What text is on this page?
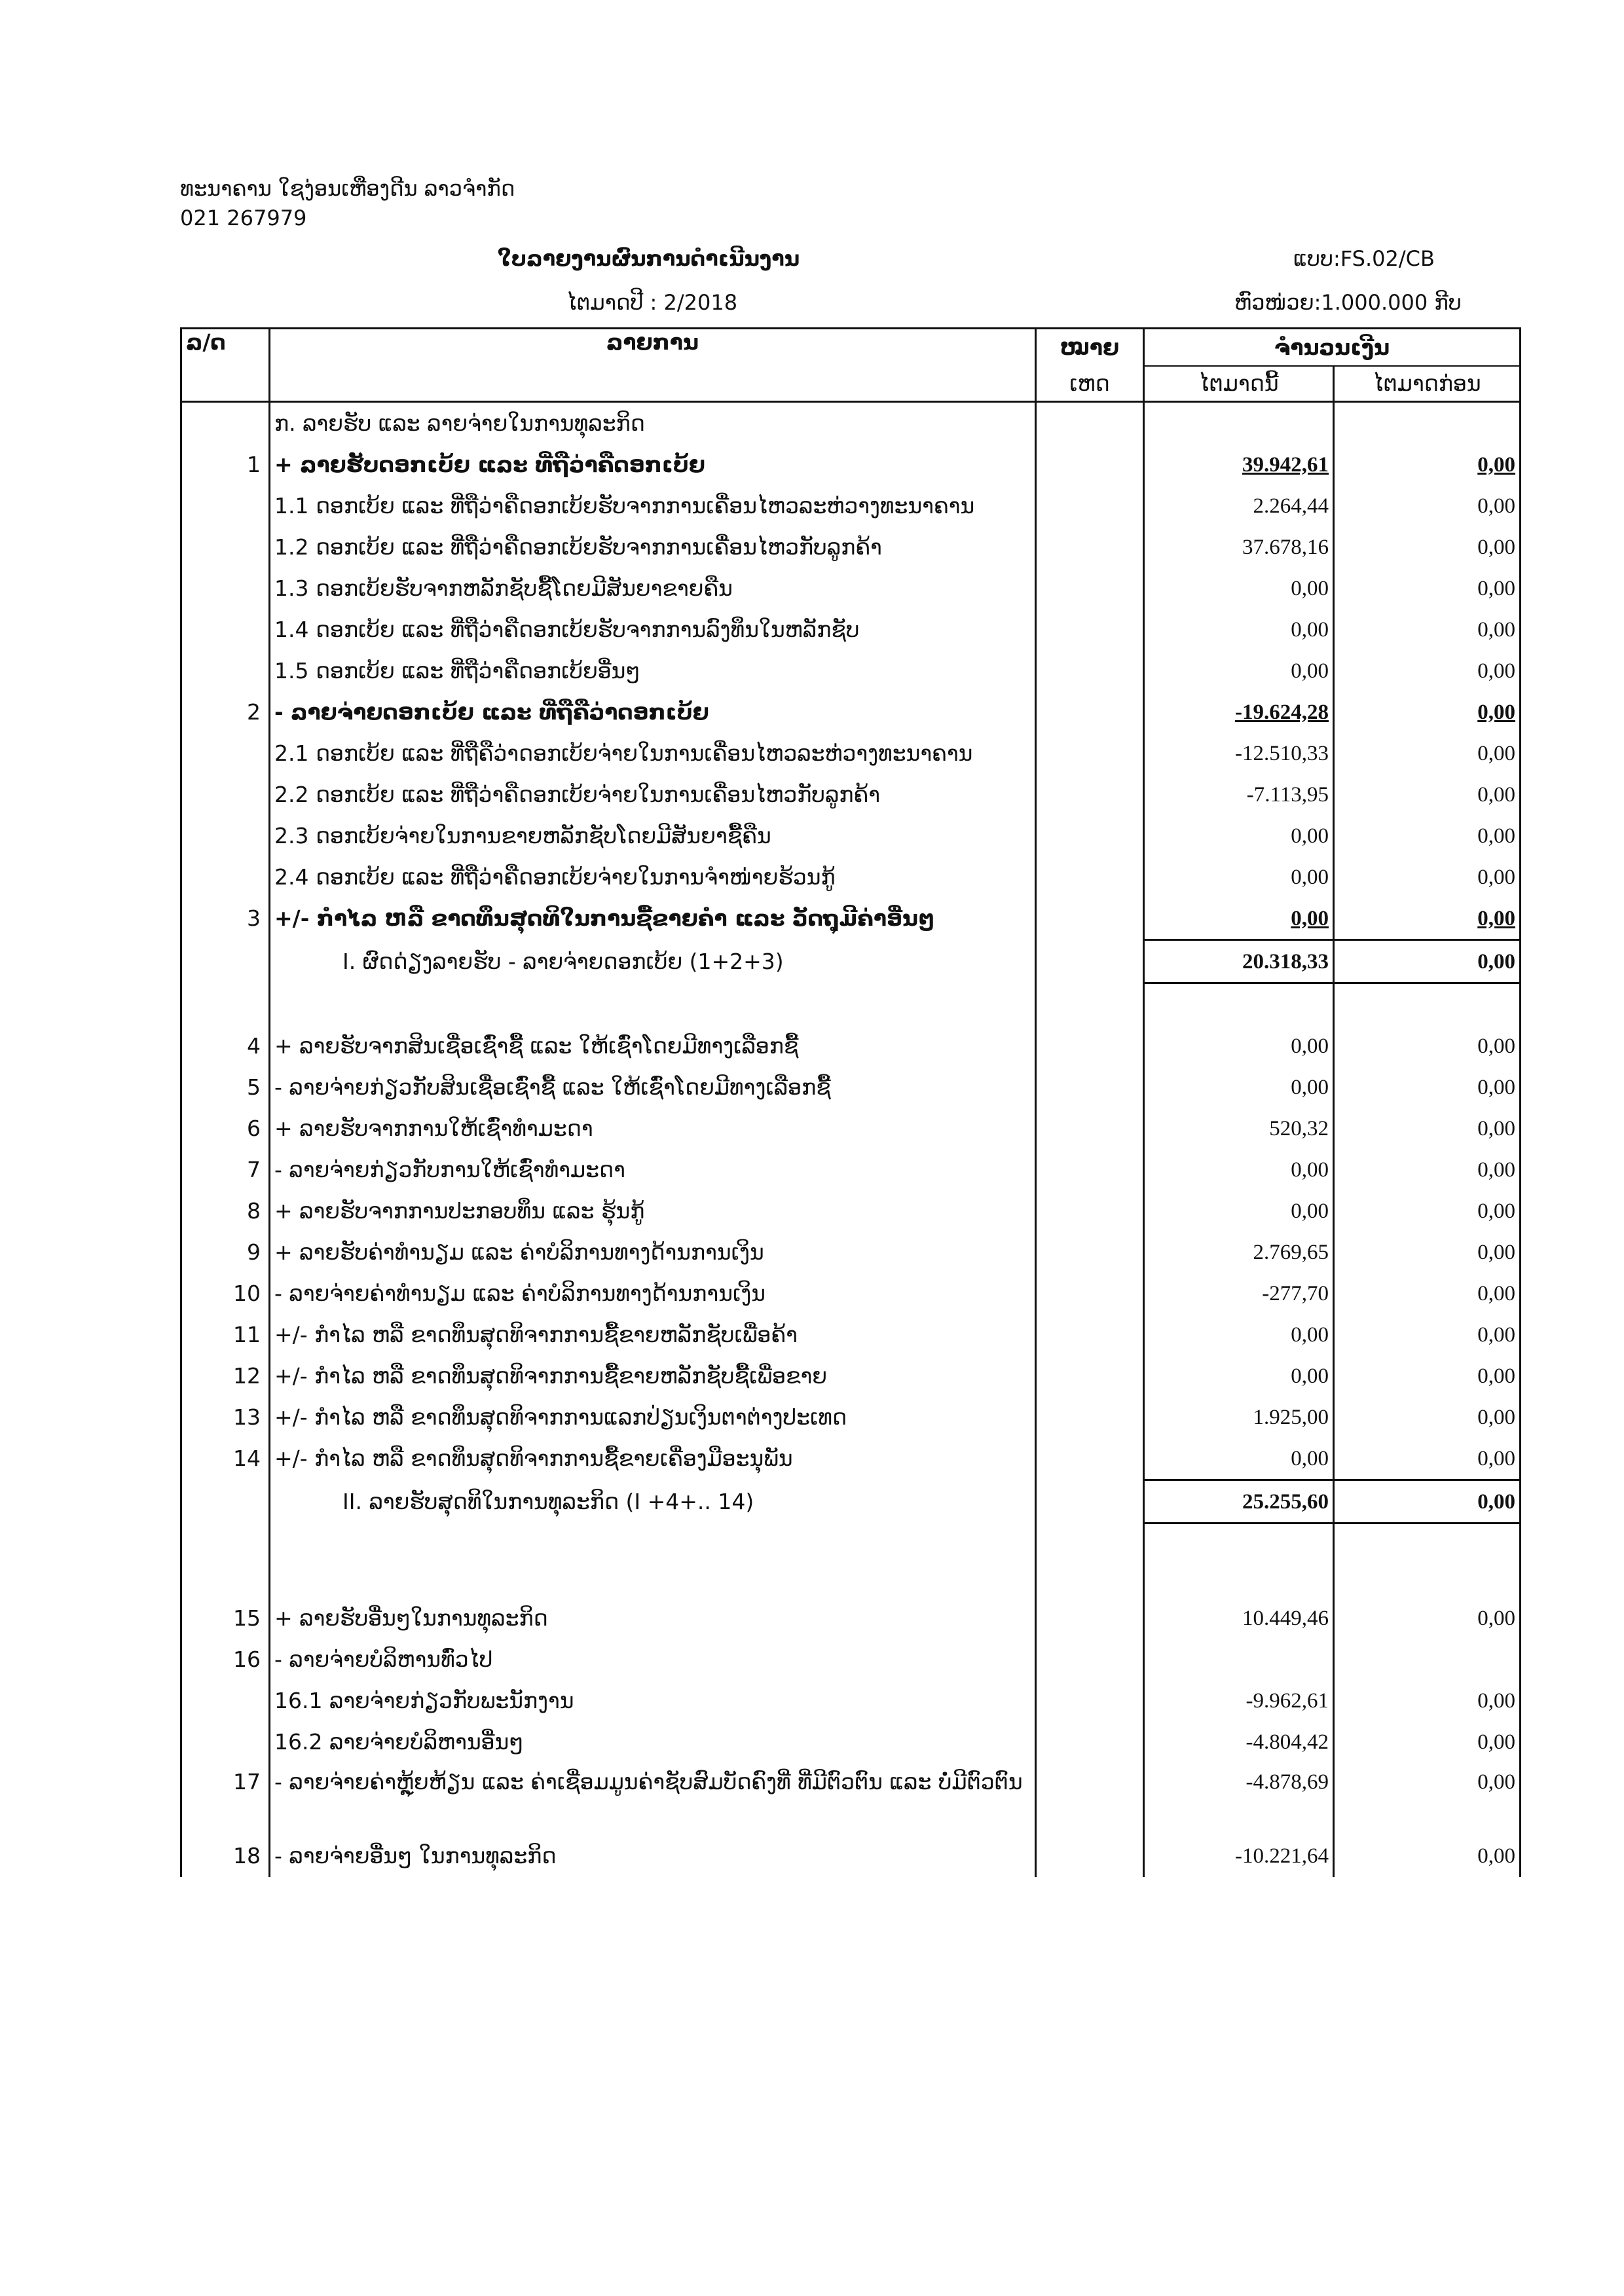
ທະນາຄານ ໃຊງ່ອນເຫືອງດີນ ລາວຈຳກັດ
021 267979
ໃບລາຍງານຜົນການດຳເນີນງານ	ແບບ:FS.02/CB
ໄຕມາດປີ : 2/2018	ຫົວໜ່ວຍ:1.000.000 ກີບ
ລ/ດ	ລາຍການ	ໝາຍ	ຈຳນວນເງີນ	
		ເຫດ	ໄຕມາດນີ້	ໄຕມາດກ່ອນ
	ກ. ລາຍຮັບ ແລະ ລາຍຈ່າຍໃນການທຸລະກິດ			
1	+ ລາຍຮັບດອກເບ້ຍ ແລະ ທີ່ຖືວ່າຄືດອກເບ້ຍ		39.942,61	0,00
	1.1 ດອກເບ້ຍ ແລະ ທີ່ຖືວ່າຄືດອກເບ້ຍຮັບຈາກການເຄື່ອນໄຫວລະຫ່ວາງທະນາຄານ		2.264,44	0,00
	1.2 ດອກເບ້ຍ ແລະ ທີ່ຖືວ່າຄືດອກເບ້ຍຮັບຈາກການເຄື່ອນໄຫວກັບລູກຄ້າ		37.678,16	0,00
	1.3 ດອກເບ້ຍຮັບຈາກຫລັກຊັບຊື້ໂດຍມີສັນຍາຂາຍຄືນ		0,00	0,00
	1.4 ດອກເບ້ຍ ແລະ ທີ່ຖືວ່າຄືດອກເບ້ຍຮັບຈາກການລົງທຶນໃນຫລັກຊັບ		0,00	0,00
	1.5 ດອກເບ້ຍ ແລະ ທີ່ຖືວ່າຄືດອກເບ້ຍອື່ນໆ		0,00	0,00
2	- ລາຍຈ່າຍດອກເບ້ຍ ແລະ ທີ່ຖືຄືວ່າດອກເບ້ຍ		-19.624,28	0,00
	2.1 ດອກເບ້ຍ ແລະ ທີ່ຖືຄືວ່າດອກເບ້ຍຈ່າຍໃນການເຄື່ອນໄຫວລະຫ່ວາງທະນາຄານ		-12.510,33	0,00
	2.2 ດອກເບ້ຍ ແລະ ທີ່ຖືວ່າຄືດອກເບ້ຍຈ່າຍໃນການເຄື່ອນໄຫວກັບລູກຄ້າ		-7.113,95	0,00
	2.3 ດອກເບ້ຍຈ່າຍໃນການຂາຍຫລັກຊັບໂດຍມີສັນຍາຊື້ຄືນ		0,00	0,00
	2.4 ດອກເບ້ຍ ແລະ ທີ່ຖືວ່າຄືດອກເບ້ຍຈ່າຍໃນການຈຳໜ່າຍຮ້ວນກູ້		0,00	0,00
3	+/- ກຳໄລ ຫລື ຂາດທຶນສຸດທິໃນການຊື້ຂາຍຄຳ ແລະ ວັດຖຸມີຄ່າອື່ນໆ		0,00	0,00
	I. ຜົດດ່ຽງລາຍຮັບ - ລາຍຈ່າຍດອກເບ້ຍ (1+2+3)		20.318,33	0,00

4	+ ລາຍຮັບຈາກສິນເຊື່ອເຊົ່າຊື້ ແລະ ໃຫ້ເຊົ່າໂດຍມີທາງເລືອກຊື້		0,00	0,00
5	- ລາຍຈ່າຍກ່ຽວກັບສິນເຊື່ອເຊົ່າຊື້ ແລະ ໃຫ້ເຊົ່າໂດຍມີທາງເລືອກຊື້		0,00	0,00
6	+ ລາຍຮັບຈາກການໃຫ້ເຊົ່າທຳມະດາ		520,32	0,00
7	- ລາຍຈ່າຍກ່ຽວກັບການໃຫ້ເຊົ່າທຳມະດາ		0,00	0,00
8	+ ລາຍຮັບຈາກການປະກອບທຶນ ແລະ ຮຸ້ນກູ້		0,00	0,00
9	+ ລາຍຮັບຄ່າທຳນຽມ ແລະ ຄ່າບໍລິການທາງດ້ານການເງິນ		2.769,65	0,00
10	- ລາຍຈ່າຍຄ່າທຳນຽມ ແລະ ຄ່າບໍລິການທາງດ້ານການເງິນ		-277,70	0,00
11	+/- ກຳໄລ ຫລື ຂາດທຶນສຸດທິຈາກການຊື້ຂາຍຫລັກຊັບເພື່ອຄ້າ		0,00	0,00
12	+/- ກຳໄລ ຫລື ຂາດທຶນສຸດທິຈາກການຊື້ຂາຍຫລັກຊັບຊື້ເພື່ອຂາຍ		0,00	0,00
13	+/- ກຳໄລ ຫລື ຂາດທຶນສຸດທິຈາກການແລກປ່ຽນເງິນຕາຕ່າງປະເທດ		1.925,00	0,00
14	+/- ກຳໄລ ຫລື ຂາດທຶນສຸດທິຈາກການຊື້ຂາຍເຄື່ອງມືອະນຸພັນ		0,00	0,00
	II. ລາຍຮັບສຸດທິໃນການທຸລະກິດ (I +4+.. 14)		25.255,60	0,00

15	+ ລາຍຮັບອື່ນໆໃນການທຸລະກິດ		10.449,46	0,00
16	- ລາຍຈ່າຍບໍລິຫານທົ່ວໄປ			
	16.1 ລາຍຈ່າຍກ່ຽວກັບພະນັກງານ		-9.962,61	0,00
	16.2 ລາຍຈ່າຍບໍລິຫານອື່ນໆ		-4.804,42	0,00
17	- ລາຍຈ່າຍຄ່າຫຼຸ້ຍຫ້ຽນ ແລະ ຄ່າເຊື່ອມມູນຄ່າຊັບສົມບັດຄົງທີ່ ທີ່ມີຕົວຕົນ ແລະ ບໍ່ມີຕົວຕົນ		-4.878,69	0,00
18	- ລາຍຈ່າຍອື່ນໆ ໃນການທຸລະກິດ		-10.221,64	0,00
